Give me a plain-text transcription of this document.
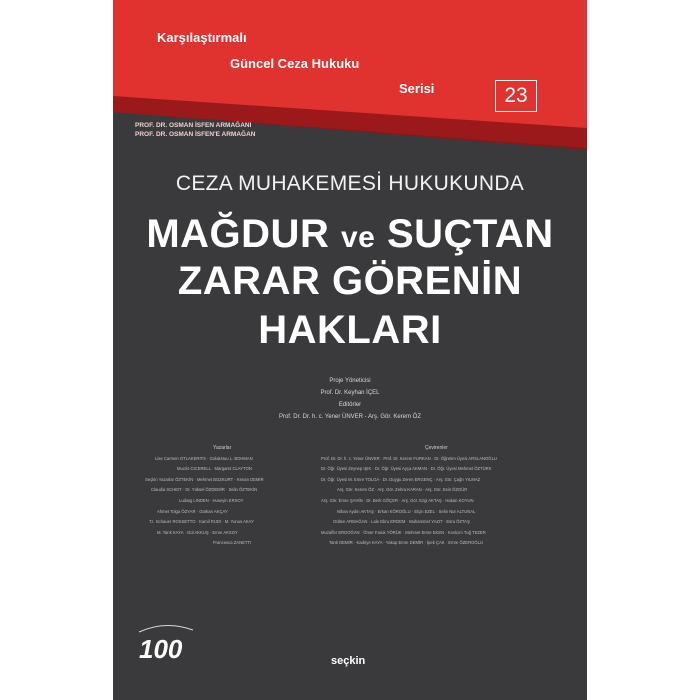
Karşılaştırmalı
Güncel Ceza Hukuku
Serisi	23
PROF. DR. OSMAN İSFEN ARMAĞANI
PROF. DR. OSMAN İSFEN'E ARMAĞAN
CEZA MUHAKEMESİ HUKUKUNDA
MAĞDUR ve SUÇTAN
ZARAR GÖRENİN
HAKLARI
Proje Yöneticisi
Prof. Dr. Keyhan İÇEL
Editörler
Prof. Dr. Dr. h. c. Yener ÜNVER - Arş. Gör. Kerem ÖZ
Yazarlar
Lise Carmen OTLAKERITS · Golakstuu L. BOHMAN
Mucris CICERELL · Margaret CLAYTON
Seçkin Yazarlar ÖZTEKİN · Mehmet BOZKURT · Kenan DEMİR
Claudia SCHEIT · Dr. Yüksel ÖZDEMİR · Selin ÖZTEKİN
Ludwig LINDEN · Huseyin ERSOY
Ahmet Tolga ÖZYAR · Gürkan AKÇAY
T.I. Schauer ROSSETTO · Kamil RUDI · M. Yunus AKAY
M. Tarık KAYA · Gül AKKUŞ · Emre AKSOY
Francesca ZANETTI
Çevirenler
Prof. Dr. Dr. h. c. Yener ÜNVER · Prof. Dr. Kerem FURKAN · Dr. Öğretim Üyesi ARSLANOĞLU
Dr. Öğr. Üyesi Zeynep IŞIK · Dr. Öğr. Üyesi Ayça AKMAN · Dr. Öğr. Üyesi Mehmet ÖZTÜRK
Dr. Öğr. Üyesi M. Emre TOLGA · Dr. Duygu Zeren ERGENÇ · Arş. Gör. Çağrı YILMAZ
Arş. Gör. Kerem ÖZ · Arş. Gör. Zehra KARAN · Arş. Gör. Esin ÖZGÜR
Arş. Gör. Emre ŞAHİN · Dr. Berk GÖÇER · Arş. Gör. Ezgi AKTAŞ · Hakan KOYUN
Nihan Aydın AKTAŞ · Erkan KÖROĞLU · Elçin EZEL · Selin Nur ALTUNAL
Gülten ARMAĞAN · Lale Ebru ERDEM · Muhammet YAZIT · Esra ÖZTAŞ
Muzaffer ERDOĞAN · Ömer Faruk YÖRÜK · Mehmet Emre EKEN · Kıvılcım Tuğ TEZER
Tarık DEMİR · Kadriye KAYA · Yakup Emre DEMİR · İpek ÇAK · Emre ÖZEROĞLU
100	seçkin
